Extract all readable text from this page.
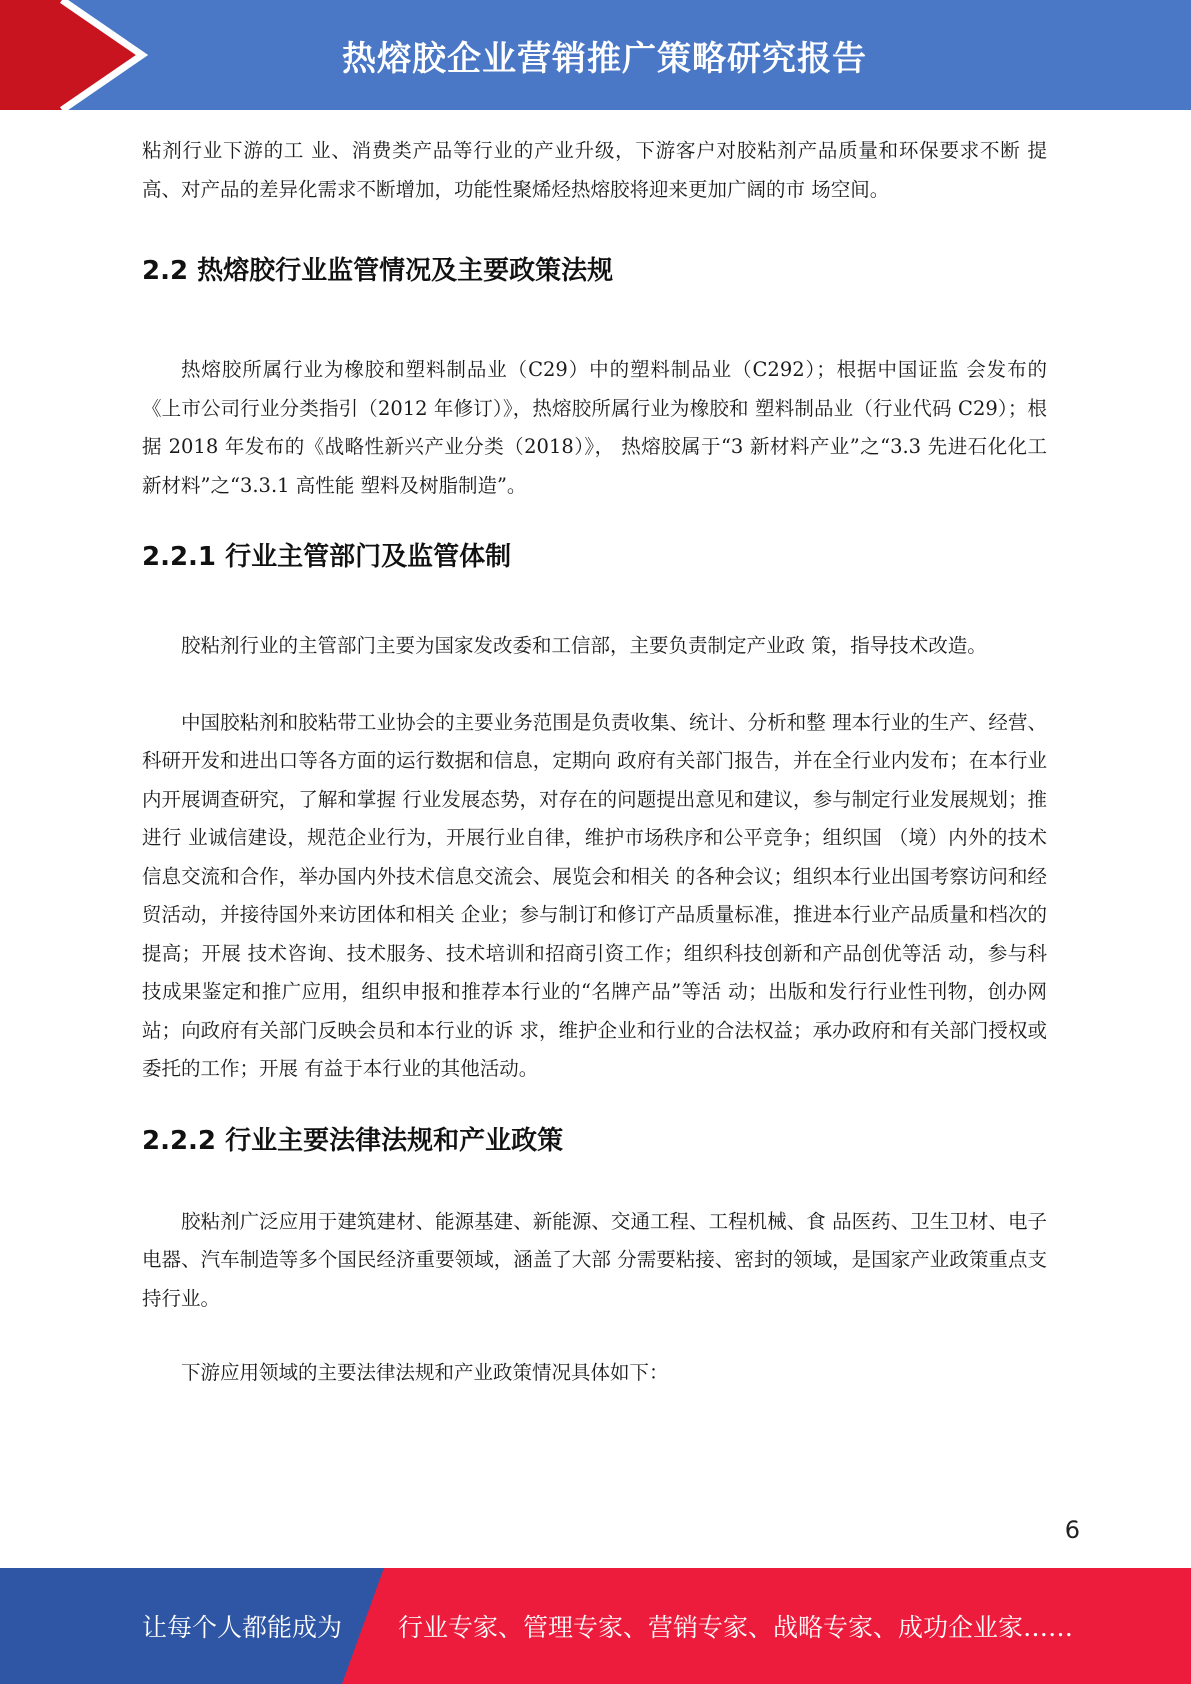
热熔胶企业营销推广策略研究报告

粘剂行业下游的工 业、消费类产品等行业的产业升级，下游客户对胶粘剂产品质量和环保要求不断 提高、对产品的差异化需求不断增加，功能性聚烯烃热熔胶将迎来更加广阔的市 场空间。

2.2 热熔胶行业监管情况及主要政策法规

热熔胶所属行业为橡胶和塑料制品业（C29）中的塑料制品业（C292）；根据中国证监 会发布的《上市公司行业分类指引（2012 年修订）》，热熔胶所属行业为橡胶和 塑料制品业（行业代码 C29）；根据 2018 年发布的《战略性新兴产业分类（2018）》， 热熔胶属于“3 新材料产业”之“3.3 先进石化化工新材料”之“3.3.1 高性能 塑料及树脂制造”。

2.2.1 行业主管部门及监管体制

胶粘剂行业的主管部门主要为国家发改委和工信部，主要负责制定产业政 策，指导技术改造。

中国胶粘剂和胶粘带工业协会的主要业务范围是负责收集、统计、分析和整 理本行业的生产、经营、科研开发和进出口等各方面的运行数据和信息，定期向 政府有关部门报告，并在全行业内发布；在本行业内开展调查研究，了解和掌握 行业发展态势，对存在的问题提出意见和建议，参与制定行业发展规划；推进行 业诚信建设，规范企业行为，开展行业自律，维护市场秩序和公平竞争；组织国 （境）内外的技术信息交流和合作，举办国内外技术信息交流会、展览会和相关 的各种会议；组织本行业出国考察访问和经贸活动，并接待国外来访团体和相关 企业；参与制订和修订产品质量标准，推进本行业产品质量和档次的提高；开展 技术咨询、技术服务、技术培训和招商引资工作；组织科技创新和产品创优等活 动，参与科技成果鉴定和推广应用，组织申报和推荐本行业的“名牌产品”等活 动；出版和发行行业性刊物，创办网站；向政府有关部门反映会员和本行业的诉 求，维护企业和行业的合法权益；承办政府和有关部门授权或委托的工作；开展 有益于本行业的其他活动。

2.2.2 行业主要法律法规和产业政策

胶粘剂广泛应用于建筑建材、能源基建、新能源、交通工程、工程机械、食 品医药、卫生卫材、电子电器、汽车制造等多个国民经济重要领域，涵盖了大部 分需要粘接、密封的领域，是国家产业政策重点支持行业。

下游应用领域的主要法律法规和产业政策情况具体如下：

6
让每个人都能成为 行业专家、管理专家、营销专家、战略专家、成功企业家……
